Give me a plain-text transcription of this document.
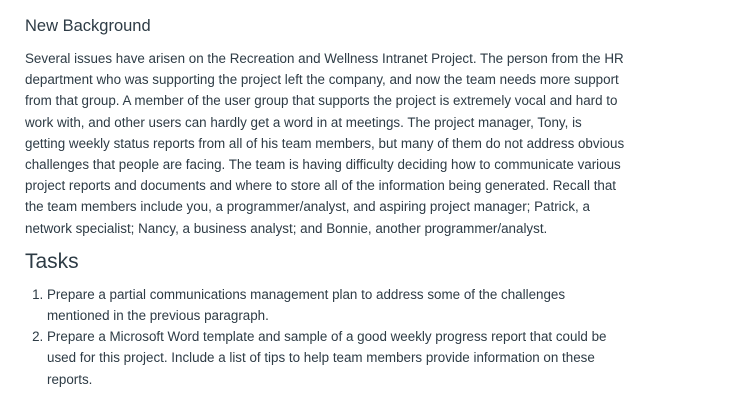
New Background

Several issues have arisen on the Recreation and Wellness Intranet Project. The person from the HR department who was supporting the project left the company, and now the team needs more support from that group. A member of the user group that supports the project is extremely vocal and hard to work with, and other users can hardly get a word in at meetings. The project manager, Tony, is getting weekly status reports from all of his team members, but many of them do not address obvious challenges that people are facing. The team is having difficulty deciding how to communicate various project reports and documents and where to store all of the information being generated. Recall that the team members include you, a programmer/analyst, and aspiring project manager; Patrick, a network specialist; Nancy, a business analyst; and Bonnie, another programmer/analyst.

Tasks
1. Prepare a partial communications management plan to address some of the challenges mentioned in the previous paragraph.
2. Prepare a Microsoft Word template and sample of a good weekly progress report that could be used for this project. Include a list of tips to help team members provide information on these reports.
